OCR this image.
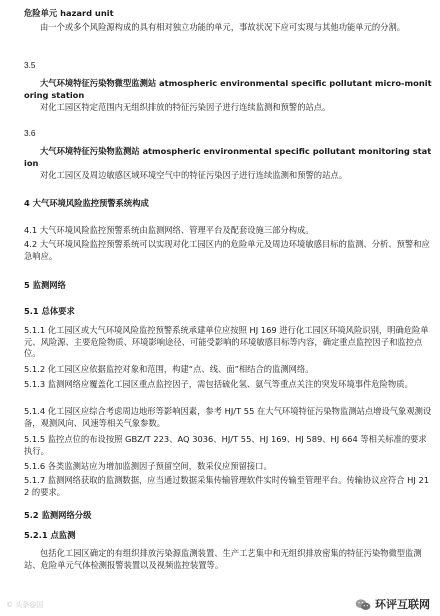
危险单元 hazard unit
由一个或多个风险源构成的具有相对独立功能的单元，事故状况下应可实现与其他功能单元的分割。
3.5
大气环境特征污染物微型监测站 atmospheric environmental specific pollutant micro-monitoring station
对化工园区特定范围内无组织排放的特征污染因子进行连续监测和预警的站点。
3.6
大气环境特征污染物监测站 atmospheric environmental specific pollutant monitoring station
对化工园区及周边敏感区域环境空气中的特征污染因子进行连续监测和预警的站点。
4 大气环境风险监控预警系统构成
4.1 大气环境风险监控预警系统由监测网络、管理平台及配套设施三部分构成。
4.2 大气环境风险监控预警系统可以实现对化工园区内的危险单元及周边环境敏感目标的监测、分析、预警和应急响应。
5 监测网络
5.1 总体要求
5.1.1 化工园区或大气环境风险监控预警系统承建单位应按照 HJ 169 进行化工园区环境风险识别，明确危险单元、风险源、主要危险物质、环境影响途径、可能受影响的环境敏感目标等内容，确定重点监控因子和监控点位。
5.1.2 化工园区应依据监控对象和范围，构建“点、线、面”相结合的监测网络。
5.1.3 监测网络应覆盖化工园区重点监控因子，需包括硫化氢、氨气等重点关注的突发环境事件危险物质。
5.1.4 化工园区应综合考虑周边地形等影响因素，参考 HJ/T 55 在大气环境特征污染物监测站点增设气象观测设备，观测风向、风速等相关气象参数。
5.1.5 监控点位的布设按照 GBZ/T 223、AQ 3036、HJ/T 55、HJ 169、HJ 589、HJ 664 等相关标准的要求执行。
5.1.6 各类监测站应为增加监测因子预留空间，数采仪应预留接口。
5.1.7 监测网络获取的监测数据，应当通过数据采集传输管理软件实时传输至管理平台。传输协议应符合 HJ 212 的要求。
5.2 监测网络分级
5.2.1 点监测
包括化工园区确定的有组织排放污染源监测装置、生产工艺集中和无组织排放密集的特征污染物微型监测站、危险单元气体检测报警装置以及视频监控装置等。
© 头条@国	环评互联网
